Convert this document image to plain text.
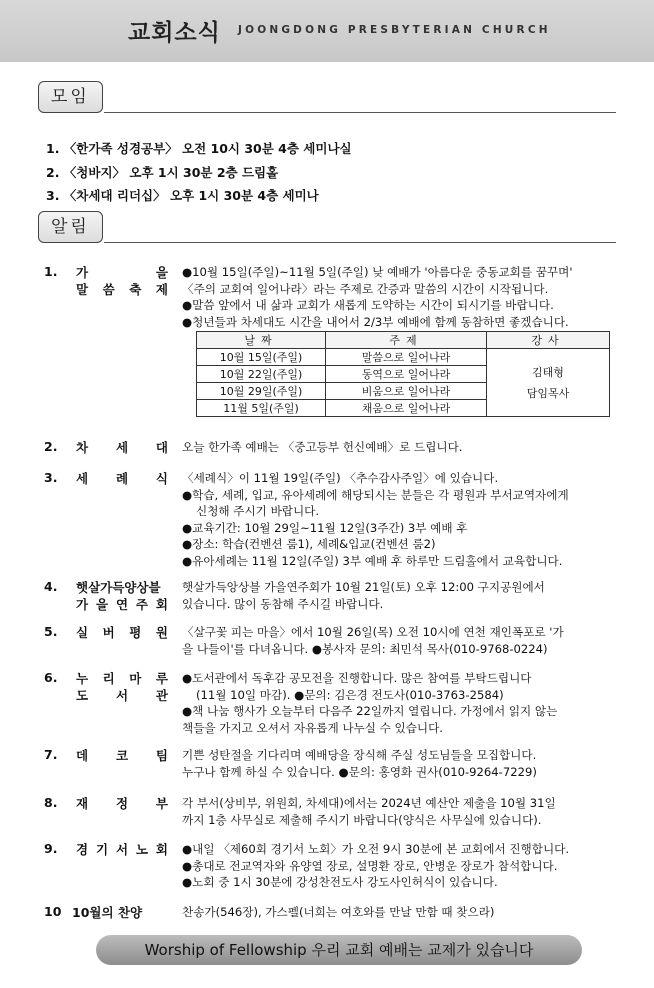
교회소식 JOONGDONG PRESBYTERIAN CHURCH
모임
1. 〈한가족 성경공부〉 오전 10시 30분 4층 세미나실
2. 〈청바지〉 오후 1시 30분 2층 드림홀
3. 〈차세대 리더십〉 오후 1시 30분 4층 세미나
알림
1. 가 을
말 씀 축 제
●10월 15일(주일)~11월 5일(주일) 낮 예배가 '아름다운 중동교회를 꿈꾸며'
〈주의 교회여 일어나라〉라는 주제로 간증과 말씀의 시간이 시작됩니다.
●말씀 앞에서 내 삶과 교회가 새롭게 도약하는 시간이 되시기를 바랍니다.
●청년들과 차세대도 시간을 내어서 2/3부 예배에 함께 동참하면 좋겠습니다.
날짜	주제	강사
10월 15일(주일)	말씀으로 일어나라	김태형
담임목사

10월 22일(주일)	동역으로 일어나라	
10월 29일(주일)	비움으로 일어나라	
11월 5일(주일)	채움으로 일어나라	
2. 차 세 대 오늘 한가족 예배는 〈중고등부 헌신예배〉로 드립니다.
3. 세 례 식 〈세례식〉이 11월 19일(주일) 〈추수감사주일〉에 있습니다.
●학습, 세례, 입교, 유아세례에 해당되시는 분들은 각 평원과 부서교역자에게
신청해 주시기 바랍니다.
●교육기간: 10월 29일~11월 12일(3주간) 3부 예배 후
●장소: 학습(컨벤션 룸1), 세례&입교(컨벤션 룸2)
●유아세례는 11월 12일(주일) 3부 예배 후 하루만 드림홀에서 교육합니다.
4. 햇살가득양상블
가 을 연 주 회
햇살가득앙상블 가을연주회가 10월 21일(토) 오후 12:00 구지공원에서
있습니다. 많이 동참해 주시길 바랍니다.
5. 실 버 평 원 〈살구꽃 피는 마을〉에서 10월 26일(목) 오전 10시에 연천 재인폭포로 '가
을 나들이'를 다녀옵니다. ●봉사자 문의: 최민석 목사(010-9768-0224)
6. 누 리 마 루
도 서 관
●도서관에서 독후감 공모전을 진행합니다. 많은 참여를 부탁드립니다
(11월 10일 마감). ●문의: 김은경 전도사(010-3763-2584)
●책 나눔 행사가 오늘부터 다음주 22일까지 열립니다. 가정에서 읽지 않는
책들을 가지고 오셔서 자유롭게 나누실 수 있습니다.
7. 데 코 팀 기쁜 성탄절을 기다리며 예배당을 장식해 주실 성도님들을 모집합니다.
누구나 함께 하실 수 있습니다. ●문의: 홍영화 권사(010-9264-7229)
8. 재 정 부 각 부서(상비부, 위원회, 차세대)에서는 2024년 예산안 제출을 10월 31일
까지 1층 사무실로 제출해 주시기 바랍니다(양식은 사무실에 있습니다).
9. 경 기 서 노 회 ●내일 〈제60회 경기서 노회〉가 오전 9시 30분에 본 교회에서 진행합니다.
●총대로 전교역자와 유양열 장로, 설명환 장로, 안병운 장로가 참석합니다.
●노회 중 1시 30분에 강성찬전도사 강도사인허식이 있습니다.
10 10월의 찬양	찬송가(546장), 가스펠(너희는 여호와를 만날 만함 때 찾으라)
Worship of Fellowship 우리 교회 예배는 교제가 있습니다
